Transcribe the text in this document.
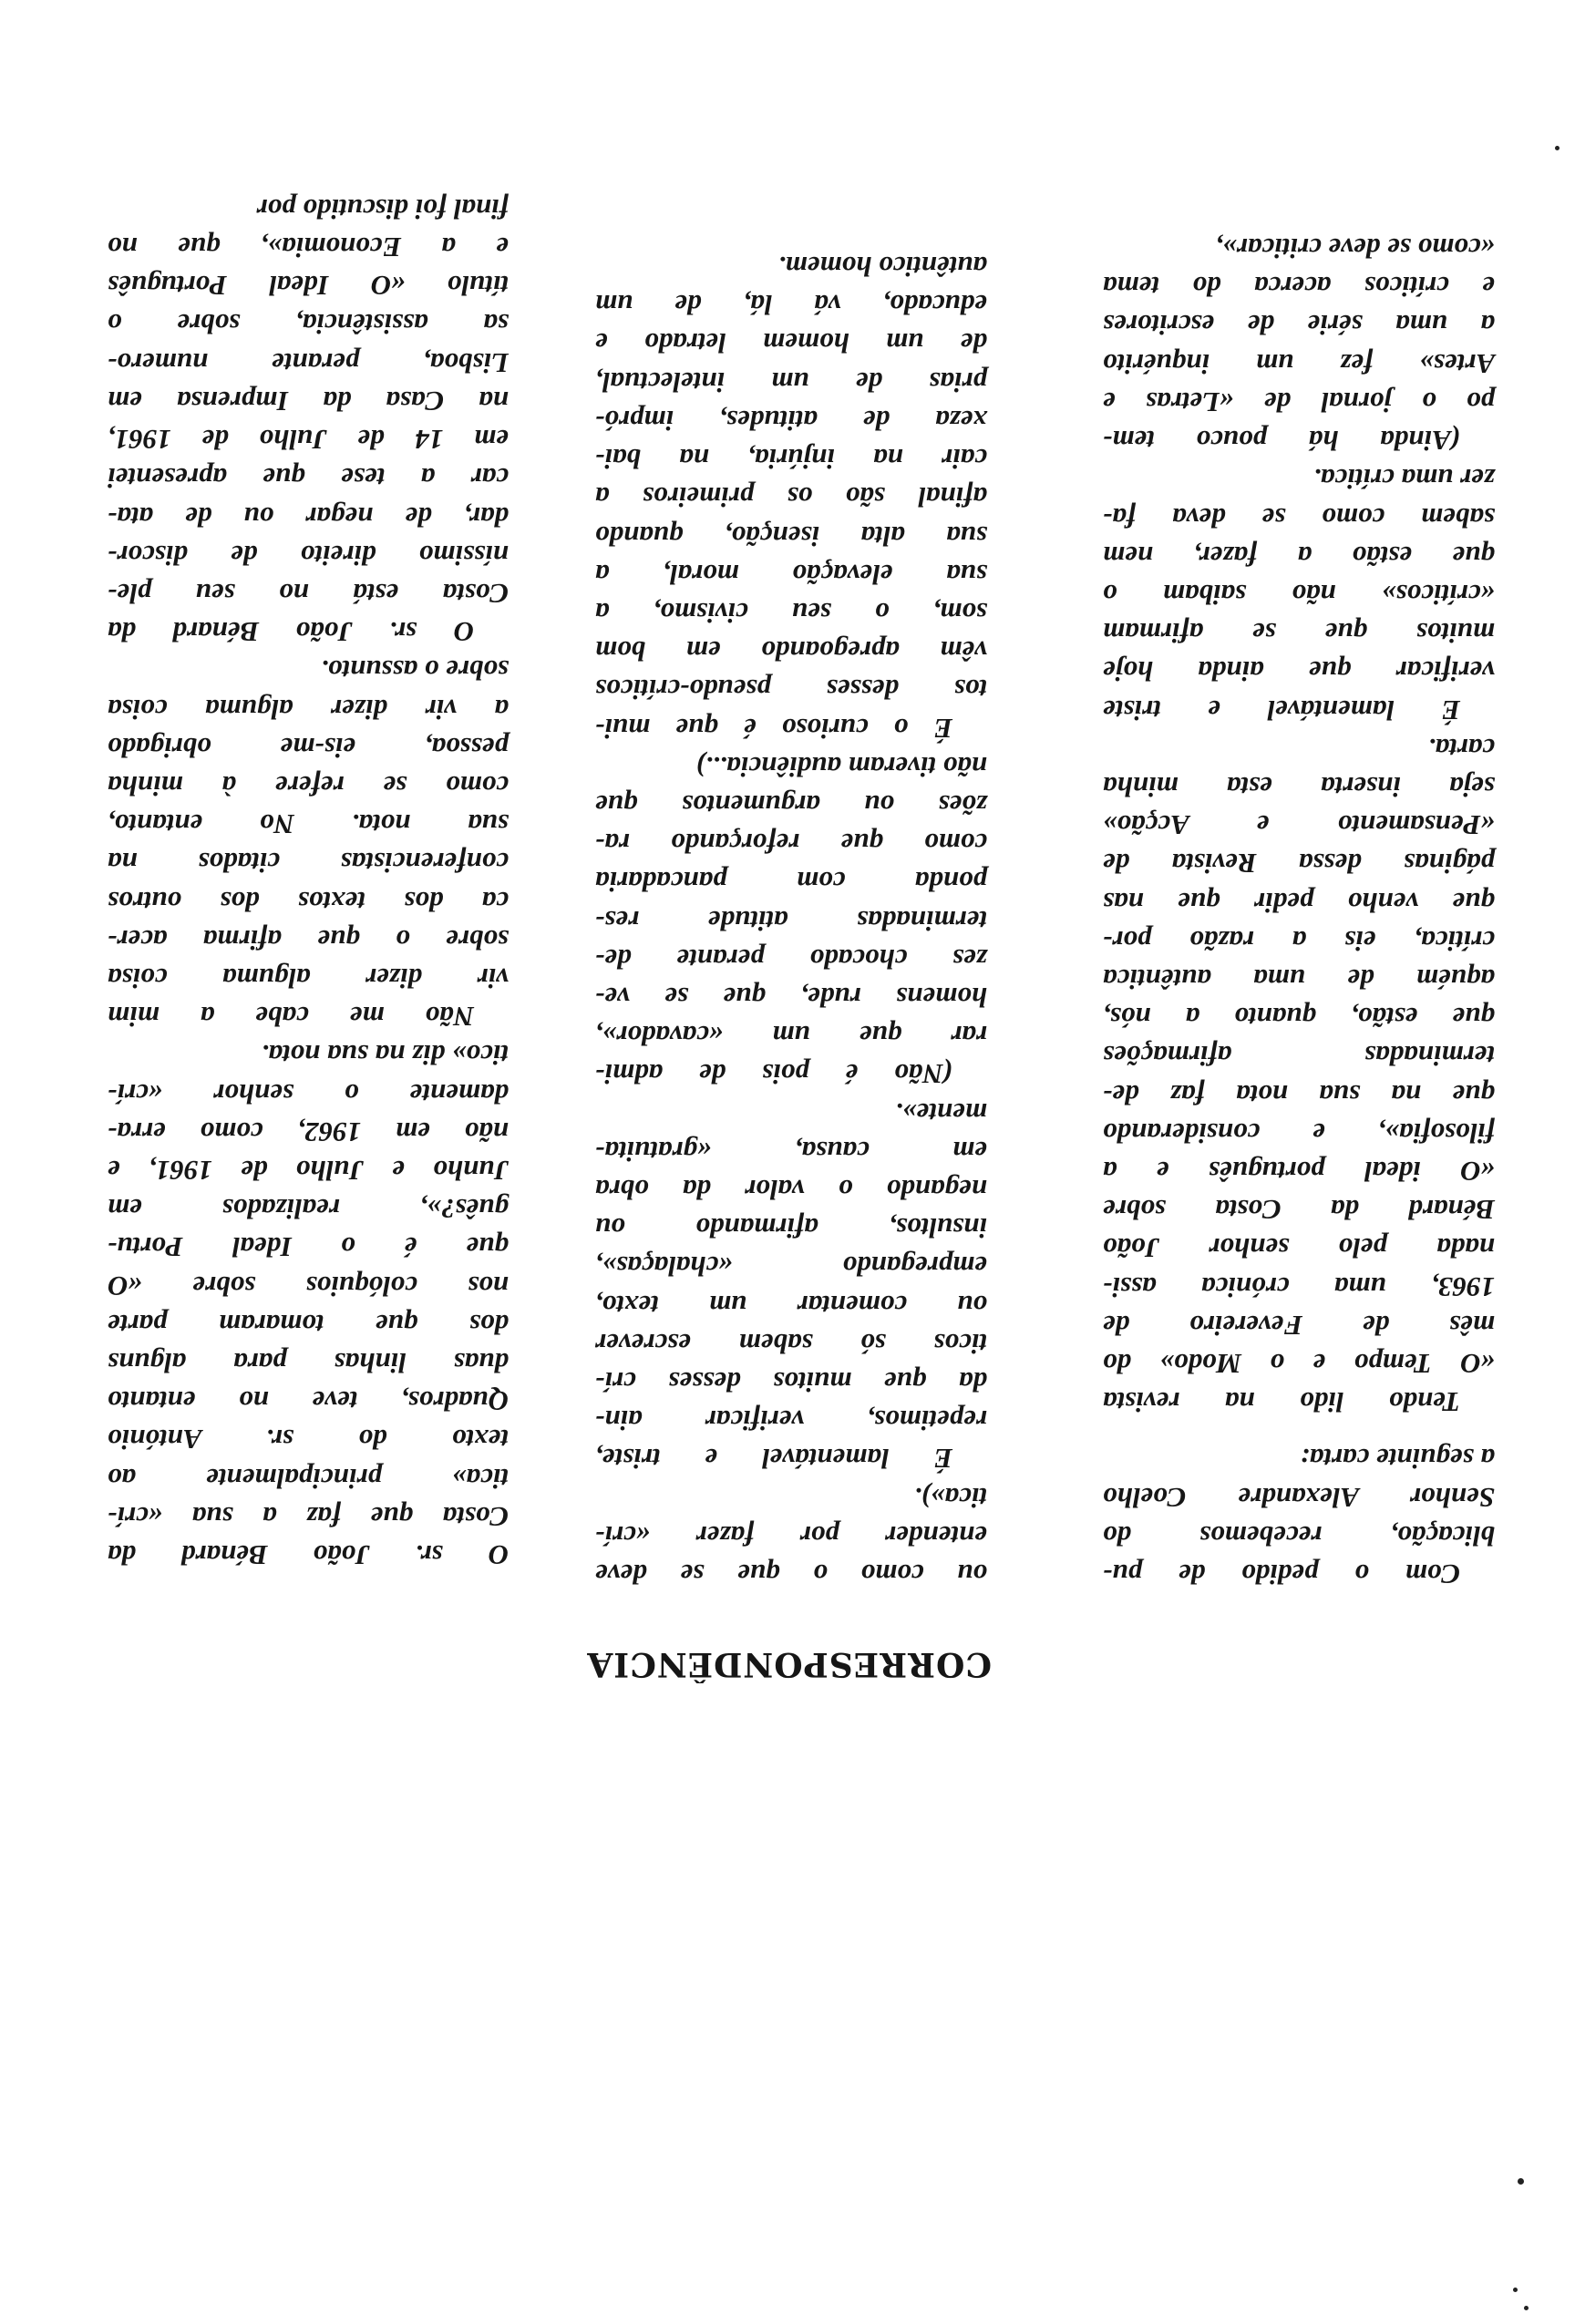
CORRESPONDÊNCIA

Com o pedido de pu-
blicação, recebemos do
Senhor Alexandre Coelho
a seguinte carta:

Tendo lido na revista
«O Tempo e o Modo» do
mês de Fevereiro de
1963, uma crónica assi-
nada pelo senhor João
Bénard da Costa sobre
«O ideal português e a
filosofia», e considerando
que na sua nota faz de-
terminadas afirmações
que estão, quanto a nós,
aquém de uma autêntica
crítica, eis a razão por-
que venho pedir que nas
páginas dessa Revista de
«Pensamento e Acção»
seja inserta esta minha
carta.

É lamentável e triste
verificar que ainda hoje
muitos que se afirmam
«críticos» não saibam o
que estão a fazer, nem
sabem como se deva fa-
zer uma crítica.

(Ainda há pouco tem-
po o jornal de «Letras e
Artes» fez um inquérito
a uma série de escritores
e críticos acerca do tema
«como se deve criticar»,

ou como o que se deve
entender por fazer «crí-
tica»).

É lamentável e triste,
repetimos, verificar ain-
da que muitos desses crí-
ticos só sabem escrever
ou comentar um texto,
empregando «chalaças»,
insultos, afirmando ou
negando o valor da obra
em causa, «gratuita-
mente».

(Não é pois de admi-
rar que um «cavador»,
homens rude, que se ve-
zes chocado perante de-
terminadas atitude res-
ponda com pancadaria
como que reforçando ra-
zões ou argumentos que
não tiveram audiência...)

É o curioso é que mui-
tos desses pseudo-críticos
vêm apregoando em bom
som, o seu civismo, a
sua elevação moral, a
sua alta isenção, quando
afinal são os primeiros a
cair na injúria, na bai-
xeza de atitudes, impró-
prias de um intelectual,
de um homem letrado e
educado, vá lá, de um
autêntico homem.

O sr. João Bénard da
Costa que faz a sua «crí-
tica» principalmente ao
texto do sr. António
Quadros, teve no entanto
duas linhas para alguns
dos que tomaram parte
nos colóquios sobre «O
que é o Ideal Portu-
guês?», realizados em
Junho e Julho de 1961, e
não em 1962, como erra-
damente o senhor «crí-
tico» diz na sua nota.

Não me cabe a mim
vir dizer alguma coisa
sobre o que afirma acer-
ca dos textos dos outros
conferencistas citados na
sua nota. No entanto,
como se refere à minha
pessoa, eis-me obrigado
a vir dizer alguma coisa
sobre o assunto.

O sr. João Bénard da
Costa está no seu ple-
níssimo direito de discor-
dar, de negar ou de ata-
car a tese que apresentei
em 14 de Julho de 1961,
na Casa da Imprensa em
Lisboa, perante numero-
sa assistência, sobre o
título «O Ideal Português
e a Economia», que no
final foi discutido por
